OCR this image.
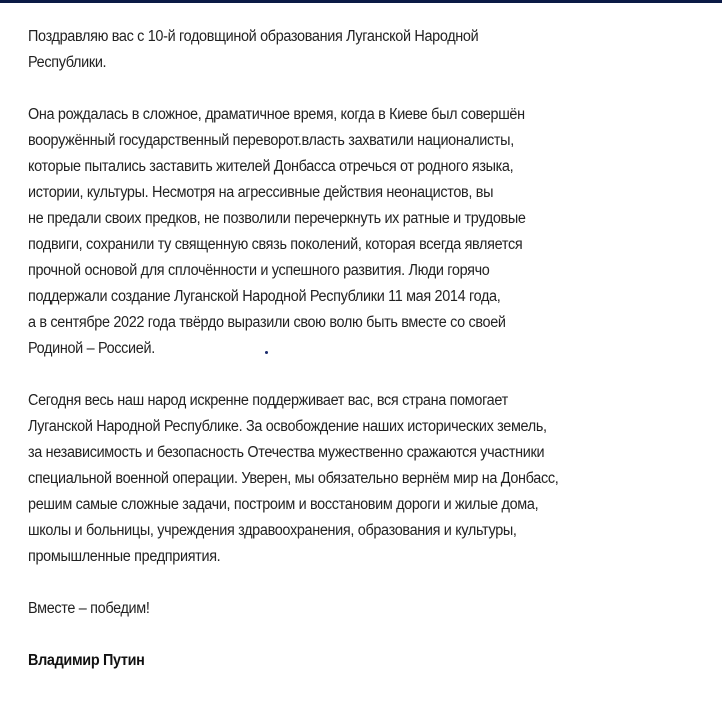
Поздравляю вас с 10-й годовщиной образования Луганской Народной
Республики.

Она рождалась в сложное, драматичное время, когда в Киеве был совершён
вооружённый государственный переворот.власть захватили националисты,
которые пытались заставить жителей Донбасса отречься от родного языка,
истории, культуры. Несмотря на агрессивные действия неонацистов, вы
не предали своих предков, не позволили перечеркнуть их ратные и трудовые
подвиги, сохранили ту священную связь поколений, которая всегда является
прочной основой для сплочённости и успешного развития. Люди горячо
поддержали создание Луганской Народной Республики 11 мая 2014 года,
а в сентябре 2022 года твёрдо выразили свою волю быть вместе со своей
Родиной – Россией.

Сегодня весь наш народ искренне поддерживает вас, вся страна помогает
Луганской Народной Республике. За освобождение наших исторических земель,
за независимость и безопасность Отечества мужественно сражаются участники
специальной военной операции. Уверен, мы обязательно вернём мир на Донбасс,
решим самые сложные задачи, построим и восстановим дороги и жилые дома,
школы и больницы, учреждения здравоохранения, образования и культуры,
промышленные предприятия.

Вместе – победим!

Владимир Путин
